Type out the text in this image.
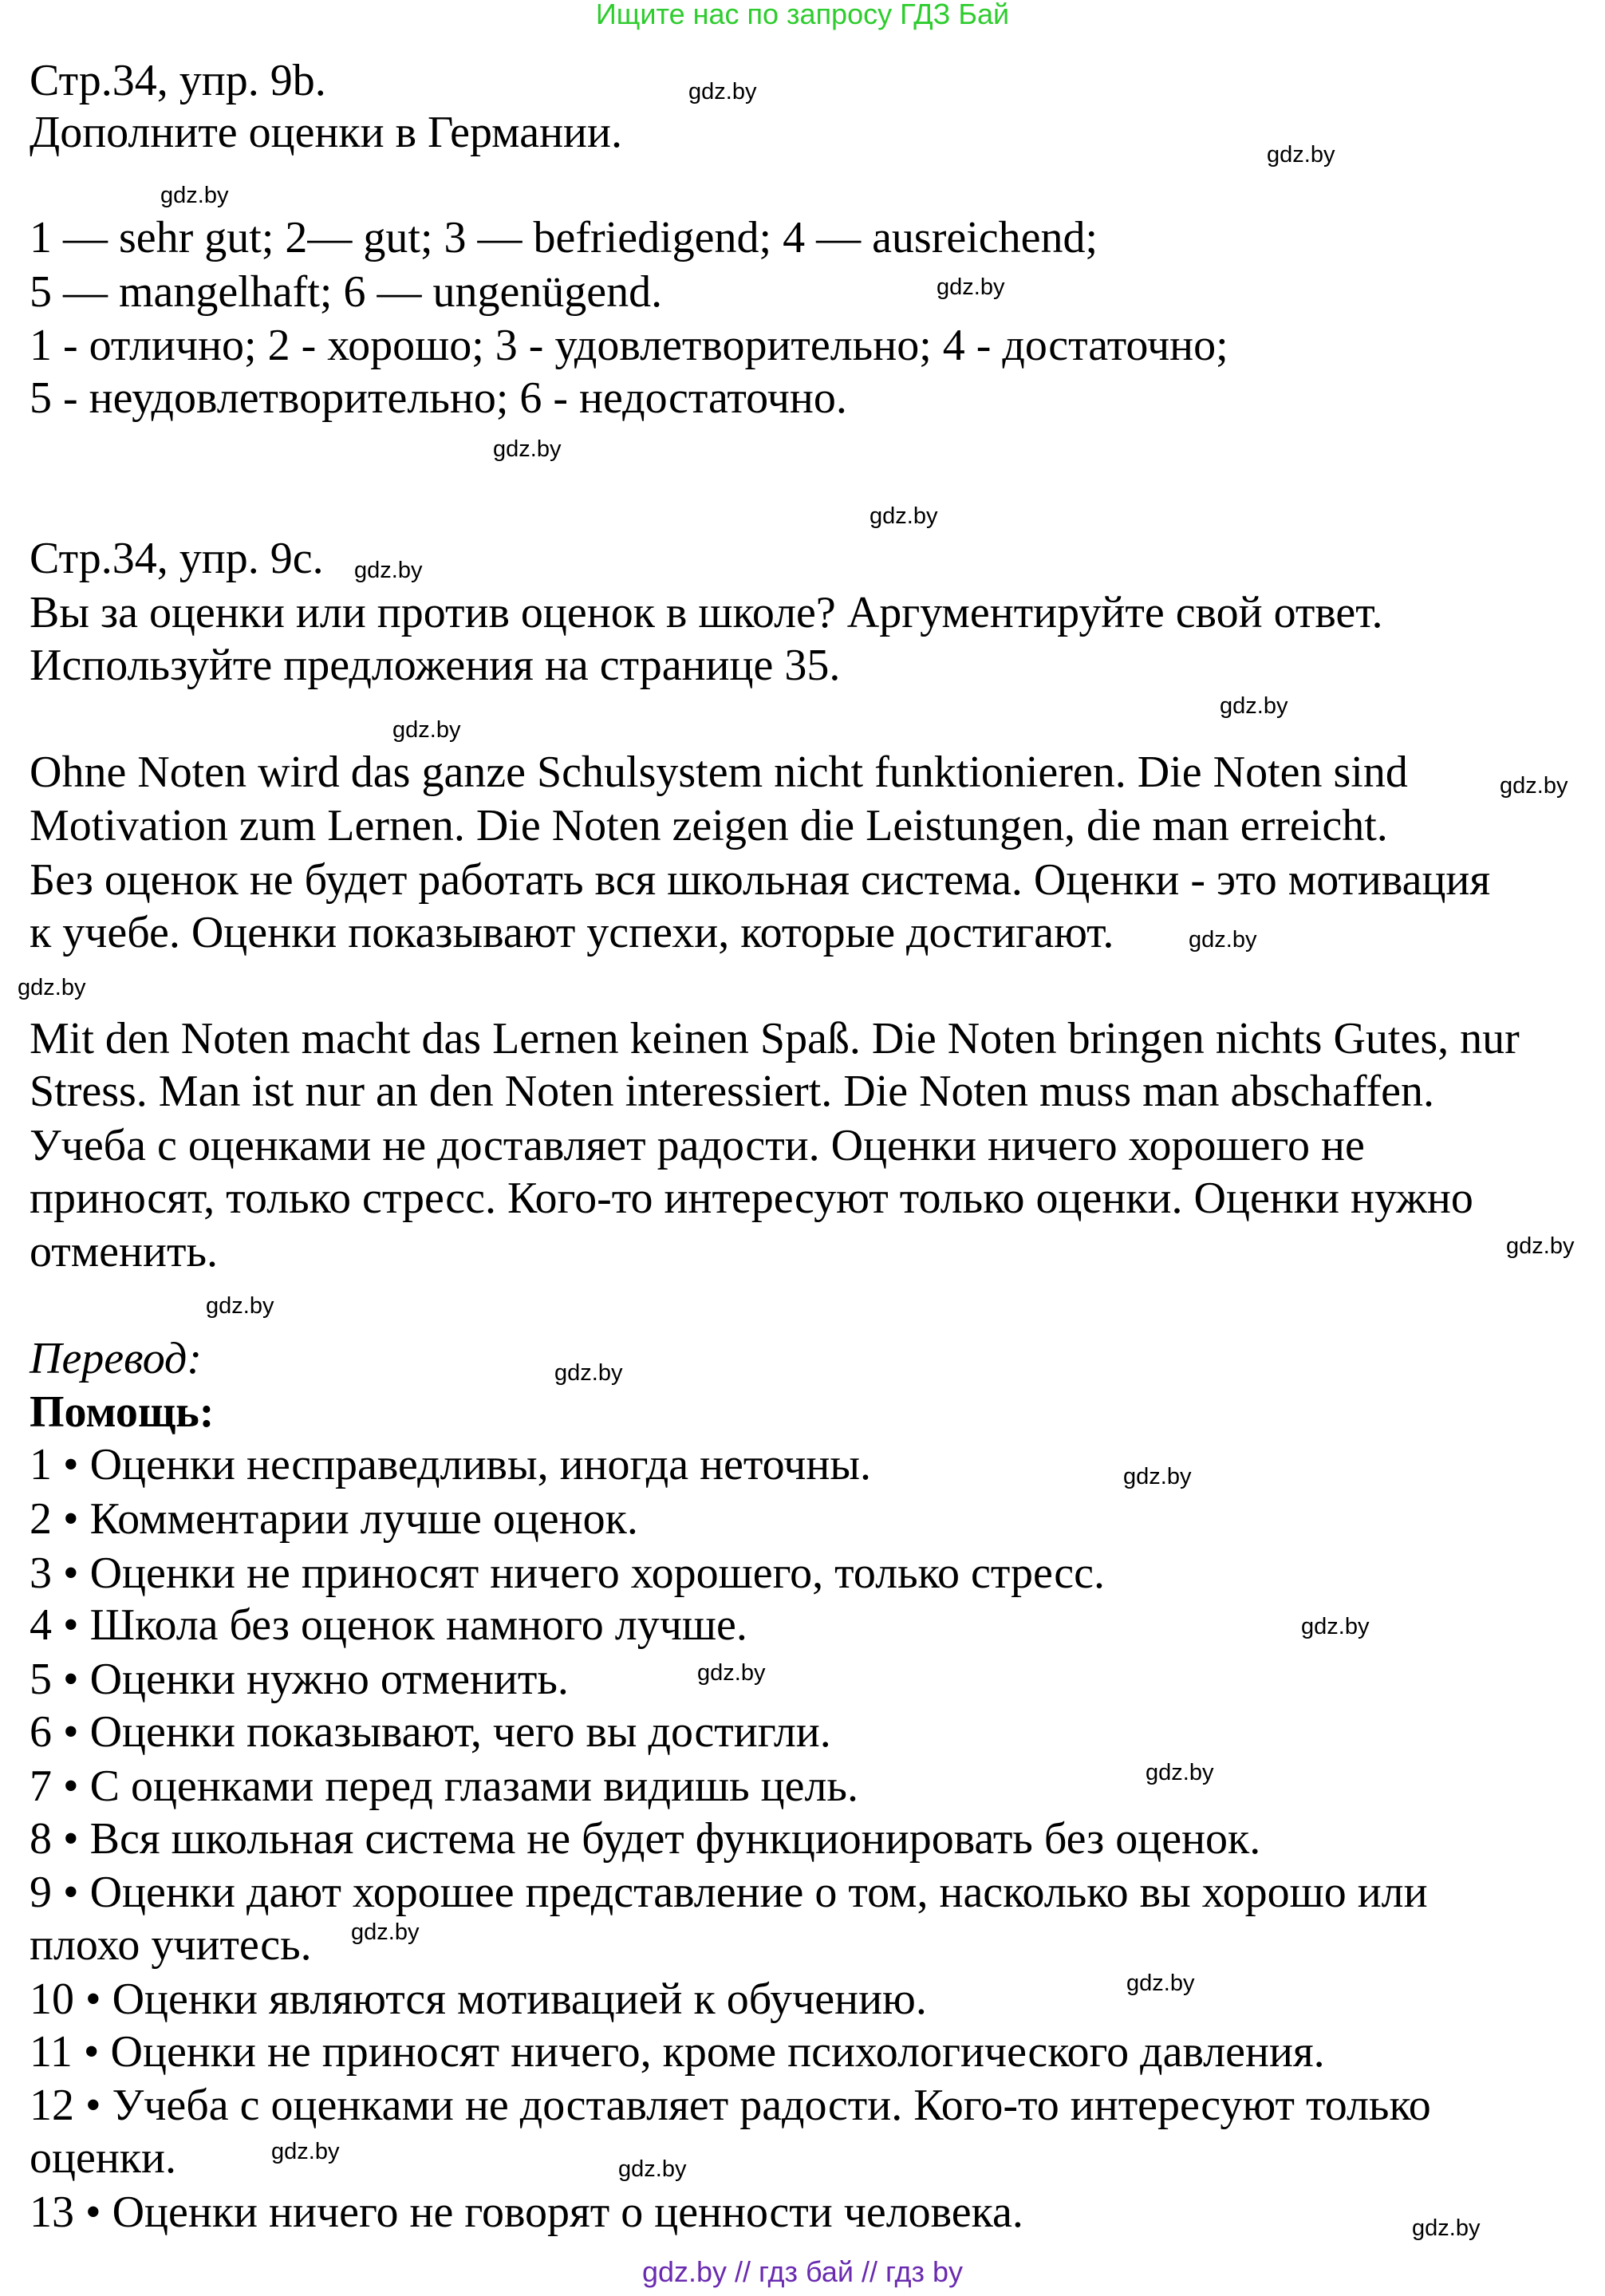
Ищите нас по запросу ГДЗ Бай
Стр.34, упр. 9b.
Дополните оценки в Германии.
1 — sehr gut; 2— gut; 3 — befriedigend; 4 — ausreichend;
5 — mangelhaft; 6 — ungenügend.
1 - отлично; 2 - хорошо; 3 - удовлетворительно; 4 - достаточно;
5 - неудовлетворительно; 6 - недостаточно.
Стр.34, упр. 9c.
Вы за оценки или против оценок в школе? Аргументируйте свой ответ.
Используйте предложения на странице 35.
Ohne Noten wird das ganze Schulsystem nicht funktionieren. Die Noten sind
Motivation zum Lernen. Die Noten zeigen die Leistungen, die man erreicht.
Без оценок не будет работать вся школьная система. Оценки - это мотивация
к учебе. Оценки показывают успехи, которые достигают.
Mit den Noten macht das Lernen keinen Spaß. Die Noten bringen nichts Gutes, nur
Stress. Man ist nur an den Noten interessiert. Die Noten muss man abschaffen.
Учеба с оценками не доставляет радости. Оценки ничего хорошего не
приносят, только стресс. Кого-то интересуют только оценки. Оценки нужно
отменить.
Перевод:
Помощь:
1 • Оценки несправедливы, иногда неточны.
2 • Комментарии лучше оценок.
3 • Оценки не приносят ничего хорошего, только стресс.
4 • Школа без оценок намного лучше.
5 • Оценки нужно отменить.
6 • Оценки показывают, чего вы достигли.
7 • С оценками перед глазами видишь цель.
8 • Вся школьная система не будет функционировать без оценок.
9 • Оценки дают хорошее представление о том, насколько вы хорошо или
плохо учитесь.
10 • Оценки являются мотивацией к обучению.
11 • Оценки не приносят ничего, кроме психологического давления.
12 • Учеба с оценками не доставляет радости. Кого-то интересуют только
оценки.
13 • Оценки ничего не говорят о ценности человека.
gdz.by
gdz.by
gdz.by
gdz.by
gdz.by
gdz.by
gdz.by
gdz.by
gdz.by
gdz.by
gdz.by
gdz.by
gdz.by
gdz.by
gdz.by
gdz.by
gdz.by
gdz.by
gdz.by
gdz.by
gdz.by
gdz.by
gdz.by
gdz.by
gdz.by // гдз бай // гдз by
